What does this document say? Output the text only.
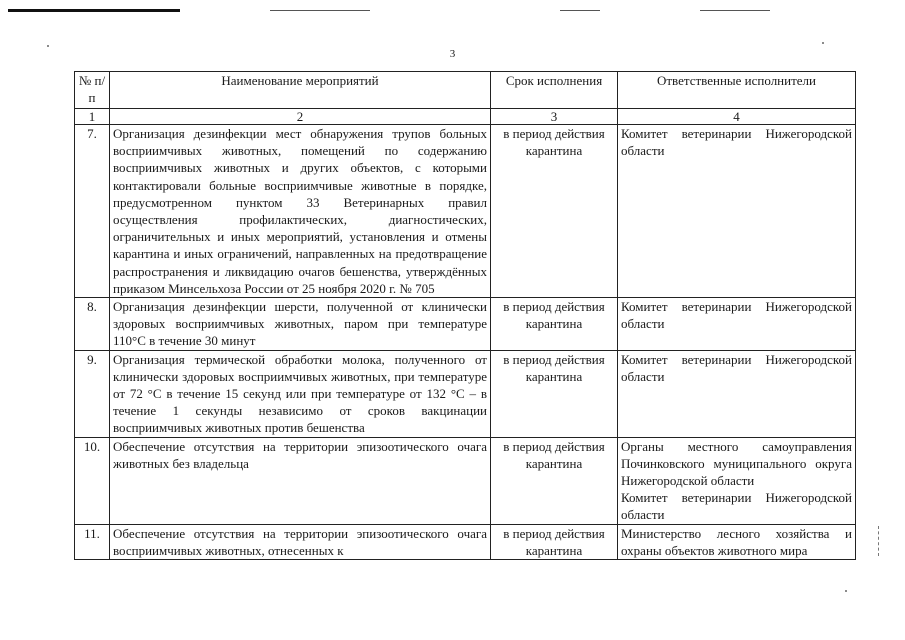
3
№ п/п	Наименование мероприятий	Срок исполнения	Ответственные исполнители
1	2	3	4
7.	Организация дезинфекции мест обнаружения трупов больных восприимчивых животных, помещений по содержанию восприимчивых животных и других объектов, с которыми контактировали больные восприимчивые животные в порядке, предусмотренном пунктом 33 Ветеринарных правил осуществления профилактических, диагностических, ограничительных и иных мероприятий, установления и отмены карантина и иных ограничений, направленных на предотвращение распространения и ликвидацию очагов бешенства, утверждённых приказом Минсельхоза России от 25 ноября 2020 г. № 705	в период действия карантина	Комитет ветеринарии Нижегородской области

8.	Организация дезинфекции шерсти, полученной от клинически здоровых восприимчивых животных, паром при температуре 110°С в течение 30 минут	в период действия карантина	Комитет ветеринарии Нижегородской области

9.	Организация термической обработки молока, полученного от клинически здоровых восприимчивых животных, при температуре от 72 °С в течение 15 секунд или при температуре от 132 °С – в течение 1 секунды независимо от сроков вакцинации восприимчивых животных против бешенства	в период действия карантина	Комитет ветеринарии Нижегородской области

10.	Обеспечение отсутствия на территории эпизоотического очага животных без владельца	в период действия карантина	Органы местного самоуправления Починковского муниципального округа Нижегородской области
Комитет ветеринарии Нижегородской области

11.	Обеспечение отсутствия на территории эпизоотического очага восприимчивых животных, отнесенных к	в период действия карантина	Министерство лесного хозяйства и охраны объектов животного мира
